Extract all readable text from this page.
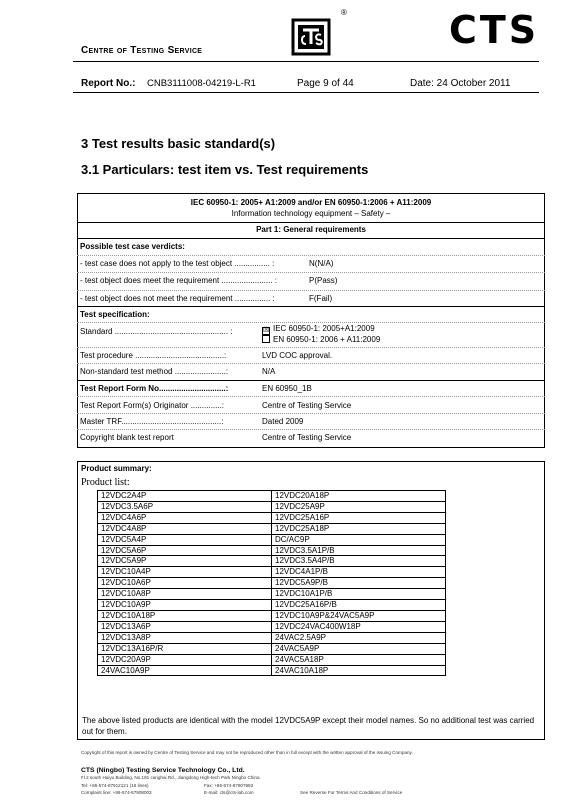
Centre of Testing Service
®	CTS
Report No.: CNB3111008-04219-L-R1	Page 9 of 44	Date: 24 October 2011
3 Test results basic standard(s)
3.1 Particulars: test item vs. Test requirements
IEC 60950-1: 2005+ A1:2009 and/or EN 60950-1:2006 + A11:2009
Information technology equipment – Safety –
Part 1: General requirements
Possible test case verdicts:
- test case does not apply to the test object ................ :	N(N/A)
- test object does meet the requirement ....................... :	P(Pass)
- test object does not meet the requirement ................ :	F(Fail)
Test specification:
Standard ................................................... :	☒ IEC 60950-1: 2005+A1:2009
EN 60950-1: 2006 + A11:2009
Test procedure ........................................:	LVD COC approval.
Non-standard test method .......................:	N/A
Test Report Form No..............................:	EN 60950_1B
Test Report Form(s) Originator ..............:	Centre of Testing Service
Master TRF.............................................:	Dated 2009
Copyright blank test report	Centre of Testing Service
Product summary:
Product list:
12VDC2A4P	12VDC20A18P
12VDC3.5A6P	12VDC25A9P
12VDC4A6P	12VDC25A16P
12VDC4A8P	12VDC25A18P
12VDC5A4P	DC/AC9P
12VDC5A6P	12VDC3.5A1P/B
12VDC5A9P	12VDC3.5A4P/B
12VDC10A4P	12VDC4A1P/B
12VDC10A6P	12VDC5A9P/B
12VDC10A8P	12VDC10A1P/B
12VDC10A9P	12VDC25A16P/B
12VDC10A18P	12VDC10A9P&24VAC5A9P
12VDC13A6P	12VDC24VAC400W18P
12VDC13A8P	24VAC2.5A9P
12VDC13A16P/R	24VAC5A9P
12VDC20A9P	24VAC5A18P
24VAC10A9P	24VAC10A18P
The above listed products are identical with the model 12VDC5A9P except their model names. So no additional test was carried out for them.
Copyright of this report is owned by Centre of Testing Service and may not be reproduced other than in full except with the written approval of the issuing Company.
CTS (Ningbo) Testing Service Technology Co., Ltd.
Fl.2 south Huiyu Building, No.181 canghai Rd., Jiangdong High-tech Park Ningbo China
Tel: +86-574-87912121 (16 lines)	Fax: +86-574-87907993
Complaint line: +86-574-87908003	E-mail: cts@cts-lab.com	See Reverse For Terms And Conditions of Service
